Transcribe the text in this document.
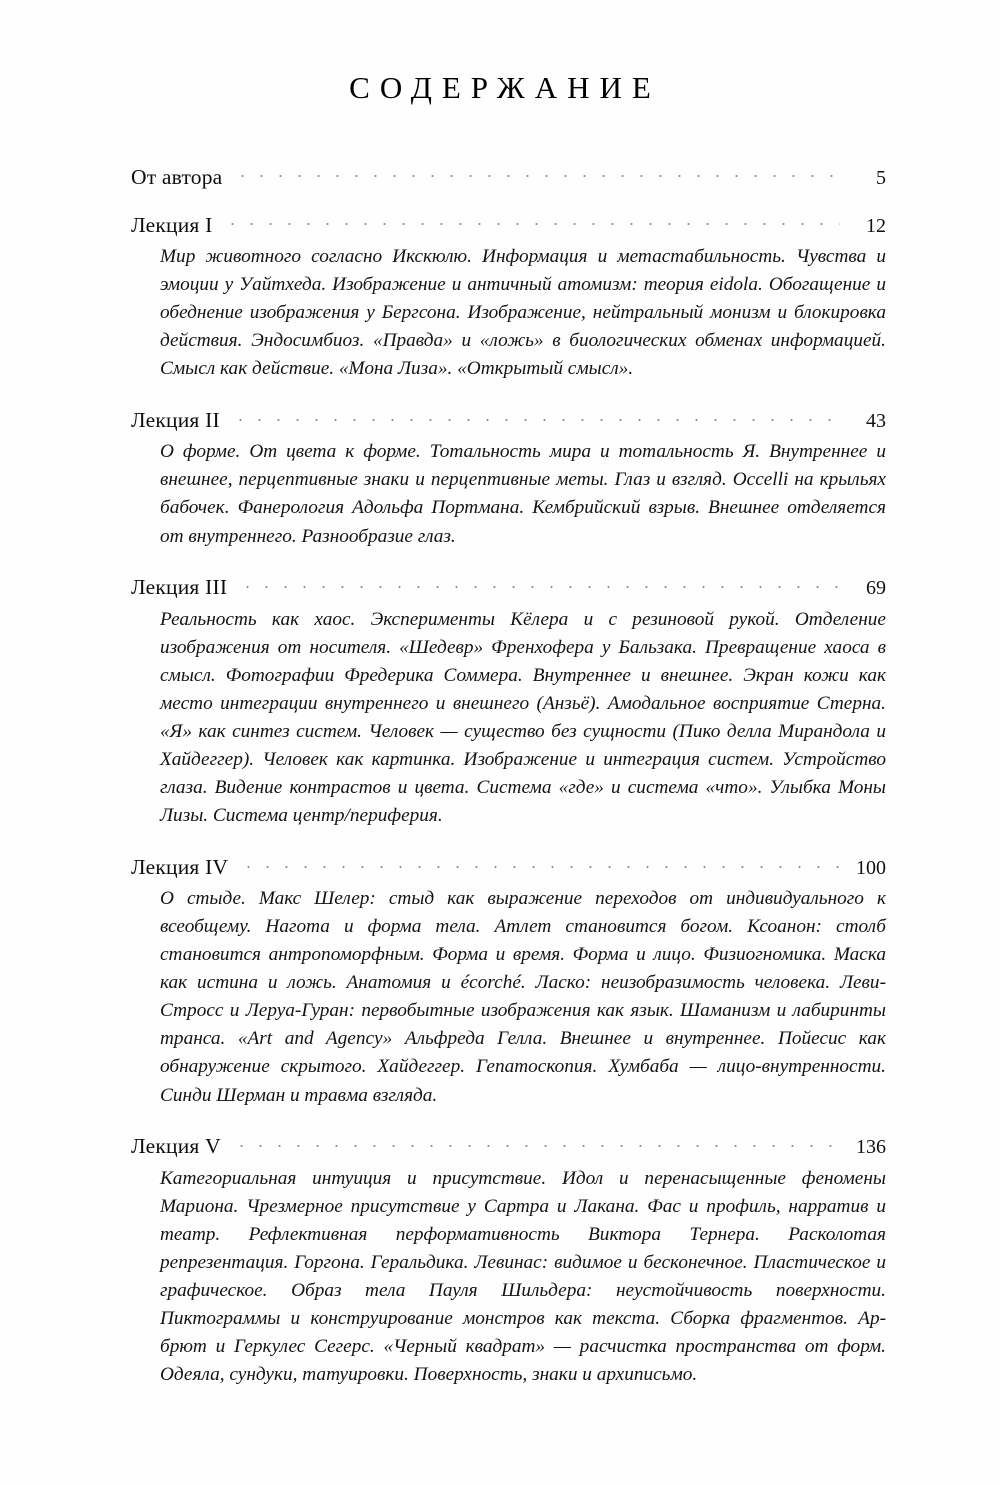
СОДЕРЖАНИЕ
От автора	5
Лекция I	12

Мир животного согласно Икскюлю. Информация и метастабильность. Чувства и эмоции у Уайтхеда. Изображение и античный атомизм: теория eidola. Обогащение и обеднение изображения у Бергсона. Изображение, нейтральный монизм и блокировка действия. Эндосимбиоз. «Правда» и «ложь» в биологических обменах информацией. Смысл как действие. «Мона Лиза». «Открытый смысл».

Лекция II	43

О форме. От цвета к форме. Тотальность мира и тотальность Я. Внутреннее и внешнее, перцептивные знаки и перцептивные меты. Глаз и взгляд. Occelli на крыльях бабочек. Фанерология Адольфа Портмана. Кембрийский взрыв. Внешнее отделяется от внутреннего. Разнообразие глаз.

Лекция III	69

Реальность как хаос. Эксперименты Кёлера и с резиновой рукой. Отделение изображения от носителя. «Шедевр» Френхофера у Бальзака. Превращение хаоса в смысл. Фотографии Фредерика Соммера. Внутреннее и внешнее. Экран кожи как место интеграции внутреннего и внешнего (Анзьё). Амодальное восприятие Стерна. «Я» как синтез систем. Человек — существо без сущности (Пико делла Мирандола и Хайдеггер). Человек как картинка. Изображение и интеграция систем. Устройство глаза. Видение контрастов и цвета. Система «где» и система «что». Улыбка Моны Лизы. Система центр/периферия.

Лекция IV	100

О стыде. Макс Шелер: стыд как выражение переходов от индивидуального к всеобщему. Нагота и форма тела. Атлет становится богом. Ксоанон: столб становится антропоморфным. Форма и время. Форма и лицо. Физиогномика. Маска как истина и ложь. Анатомия и écorché. Ласко: неизобразимость человека. Леви-Стросс и Леруа-Гуран: первобытные изображения как язык. Шаманизм и лабиринты транса. «Art and Agency» Альфреда Гелла. Внешнее и внутреннее. Пойесис как обнаружение скрытого. Хайдеггер. Гепатоскопия. Хумбаба — лицо-внутренности. Синди Шерман и травма взгляда.

Лекция V	136

Категориальная интуиция и присутствие. Идол и перенасыщенные феномены Мариона. Чрезмерное присутствие у Сартра и Лакана. Фас и профиль, нарратив и театр. Рефлективная перформативность Виктора Тернера. Расколотая репрезентация. Горгона. Геральдика. Левинас: видимое и бесконечное. Пластическое и графическое. Образ тела Пауля Шильдера: неустойчивость поверхности. Пиктограммы и конструирование монстров как текста. Сборка фрагментов. Ар-брют и Геркулес Сегерс. «Черный квадрат» — расчистка пространства от форм. Одеяла, сундуки, татуировки. Поверхность, знаки и архиписьмо.
